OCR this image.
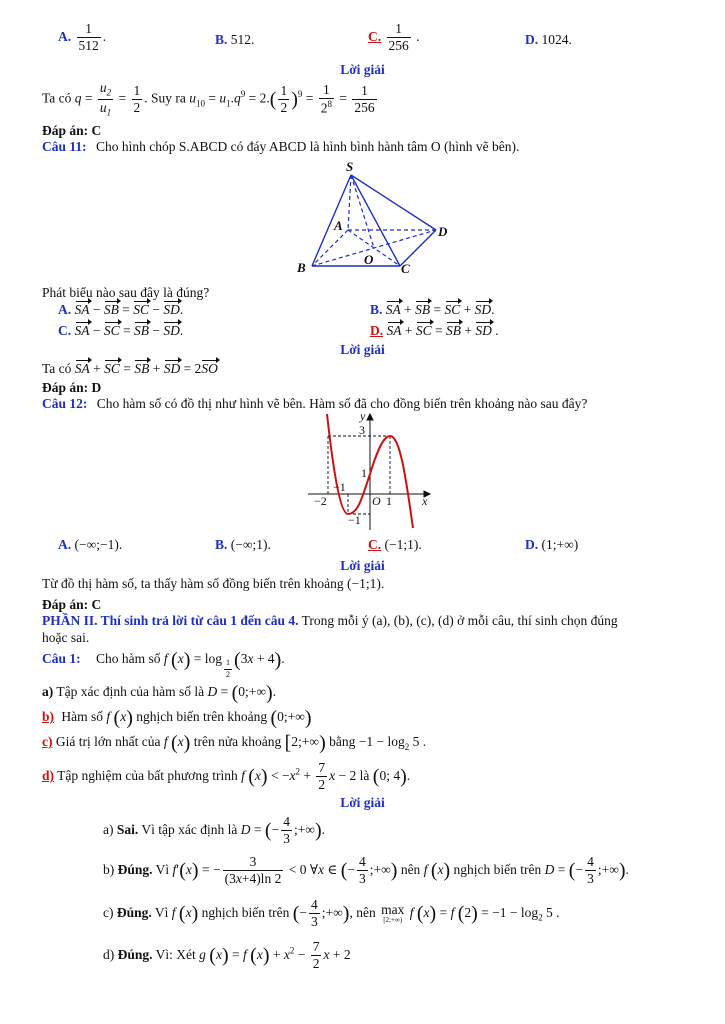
A. $\frac{1}{512}$ .	B. 512.	C. $\frac{1}{256}$ .	D. 1024.
Lời giải
Ta có $q = \frac{u_2}{u_1} = \frac{1}{2}$ . Suy ra $u_{10} = u_1.q^9 = 2.( \frac{1}{2} )^9 = \frac{1}{2^8} = \frac{1}{256}$
Đáp án: C
Câu 11: Cho hình chóp S.ABCD có đáy ABCD là hình bình hành tâm O (hình vẽ bên).
S
A
B	C
D
O
Phát biểu nào sau đây là đúng?
A. SA − SB = SC − SD.	B. SA + SB = SC + SD.
C. SA − SC = SB − SD.	D. SA + SC = SB + SD .
Lời giải
Ta có SA + SC = SB + SD = 2SO
Đáp án: D
Câu 12: Cho hàm số có đồ thị như hình vẽ bên. Hàm số đã cho đồng biến trên khoảng nào sau đây?
y
x
3
1
−1
−1
−2	O 1
A. (−∞;−1).	B. (−∞;1).	C. (−1;1).	D. (1;+∞)
Lời giải
Từ đồ thị hàm số, ta thấy hàm số đồng biến trên khoảng (−1;1).
Đáp án: C
PHẦN II. Thí sinh trả lời từ câu 1 đến câu 4. Trong mỗi ý (a), (b), (c), (d) ở mỗi câu, thí sinh chọn đúng
hoặc sai.
Câu 1: Cho hàm số f (x) = log
$_{\frac{1}{2}}$ (3x + 4).
a) Tập xác định của hàm số là D = (0;+∞).
b) Hàm số f (x) nghịch biến trên khoảng (0;+∞)
c) Giá trị lớn nhất của f (x) trên nửa khoảng [2;+∞) bằng $-1 - \log_2 5$ .
d) Tập nghiệm của bất phương trình f $(x) < -x^2 + \frac{7}{2}$ x − 2 là (0; 4).
Lời giải
a) Sai. Vì tập xác định là D = (− $\frac{4}{3}$ ;+∞).
b) Đúng. Vì f′(x) = − $\frac{3}{(3x+4)\ln 2} < 0$ ∀x ∈ (− $\frac{4}{3}$ ;+∞) nên f (x) nghịch biến trên D = (− $\frac{4}{3}$ ;+∞).
c) Đúng. Vì f (x) nghịch biến trên (− $\frac{4}{3}$ ;+∞), nên max
[2;+∞)
f (x) = f $(2) = -1 - \log_2 5$ .
d) Đúng. Vì: Xét g (x) = f $(x) + x^2 - \frac{7}{2}$ x + 2
